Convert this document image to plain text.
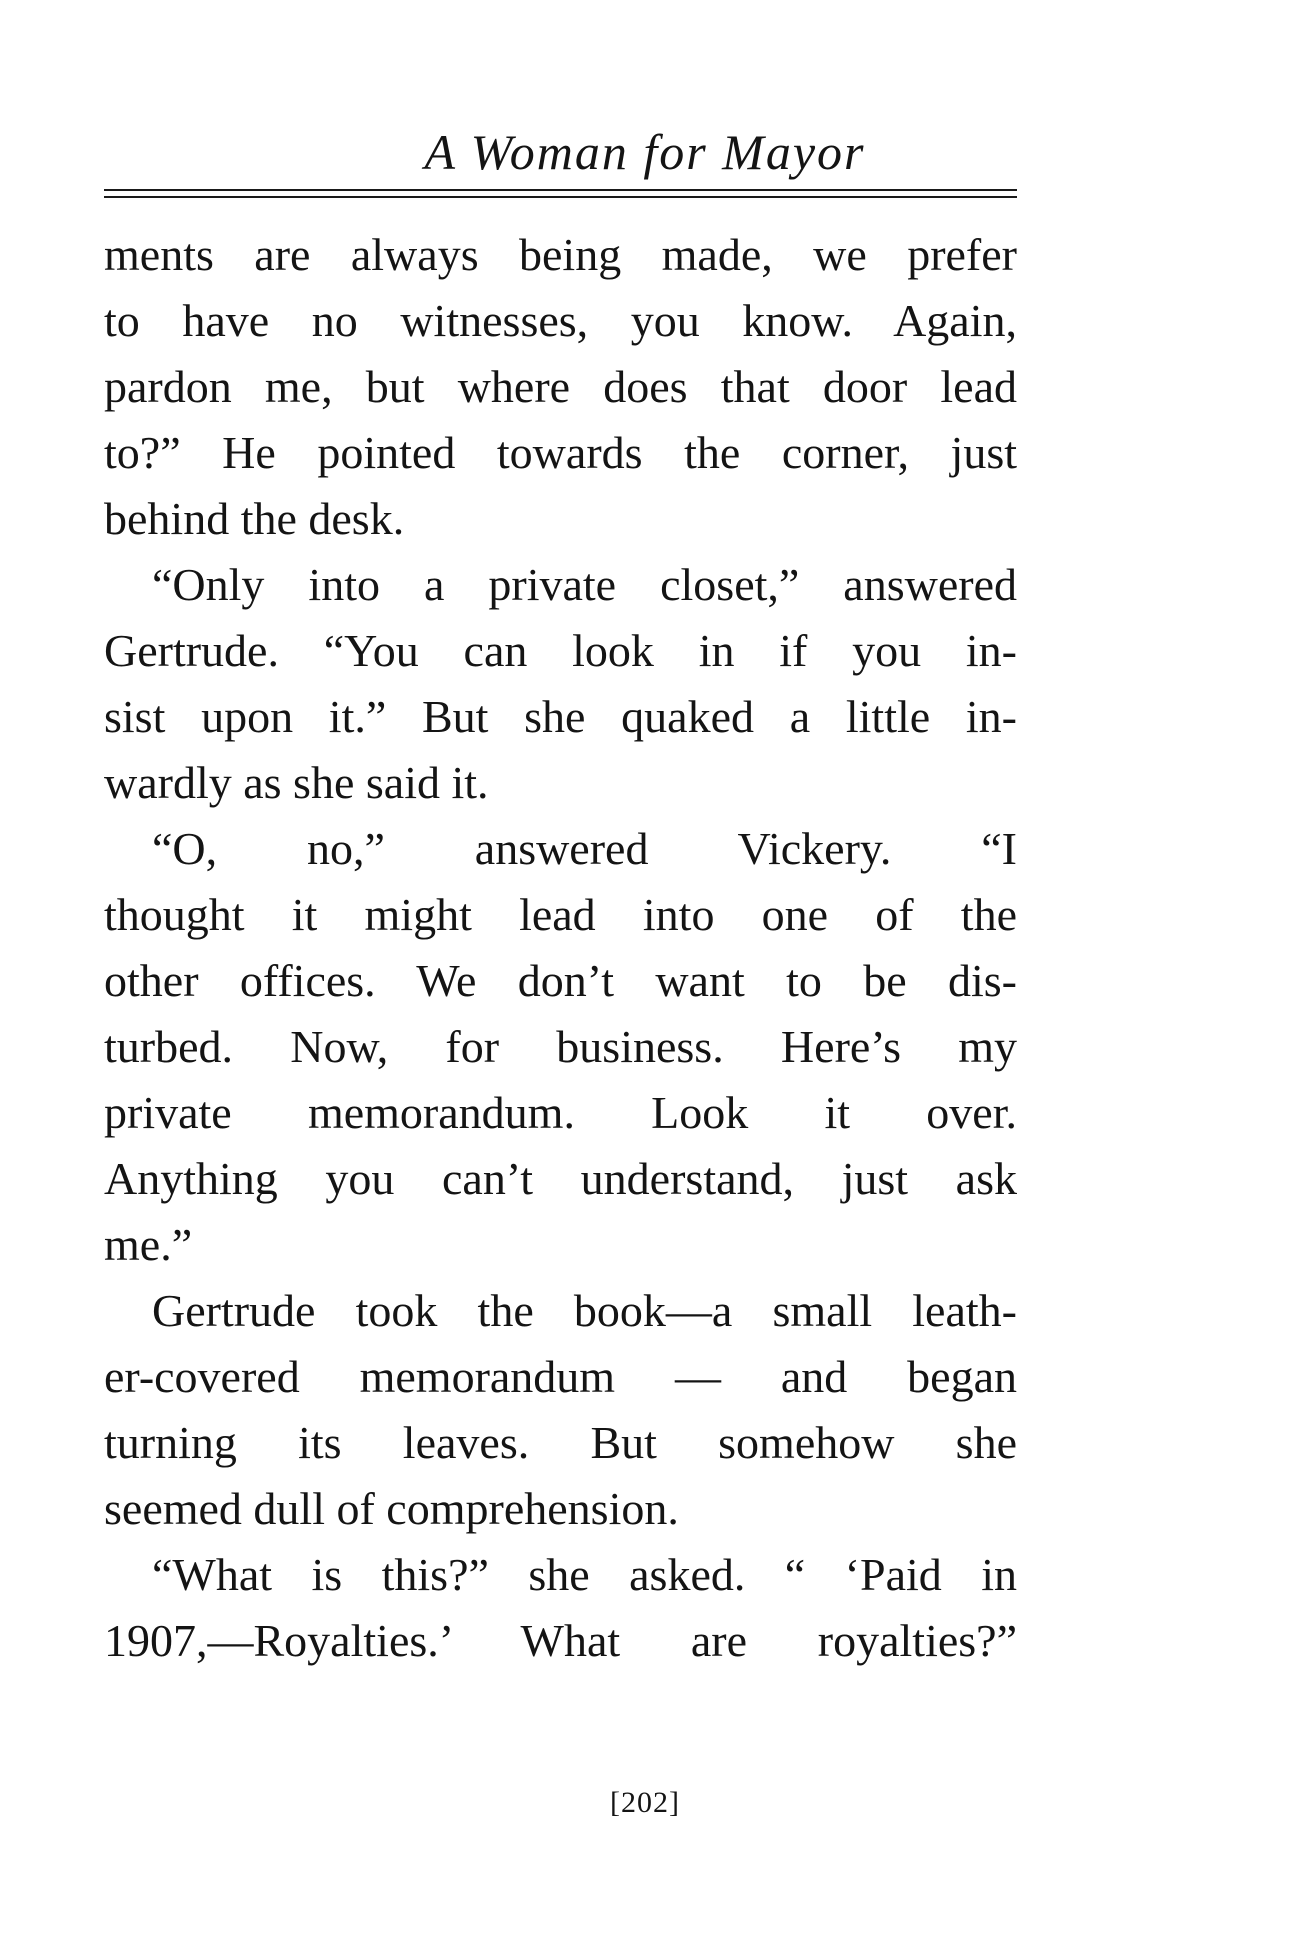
A Woman for Mayor
ments are always being made, we prefer
to have no witnesses, you know. Again,
pardon me, but where does that door lead
to?” He pointed towards the corner, just
behind the desk.
“Only into a private closet,” answered
Gertrude. “You can look in if you in-
sist upon it.” But she quaked a little in-
wardly as she said it.
“O, no,” answered Vickery. “I
thought it might lead into one of the
other offices. We don’t want to be dis-
turbed. Now, for business. Here’s my
private memorandum. Look it over.
Anything you can’t understand, just ask
me.”
Gertrude took the book—a small leath-
er-covered memorandum — and began
turning its leaves. But somehow she
seemed dull of comprehension.
“What is this?” she asked. “ ‘Paid in
1907,—Royalties.’ What are royalties?”
[202]
